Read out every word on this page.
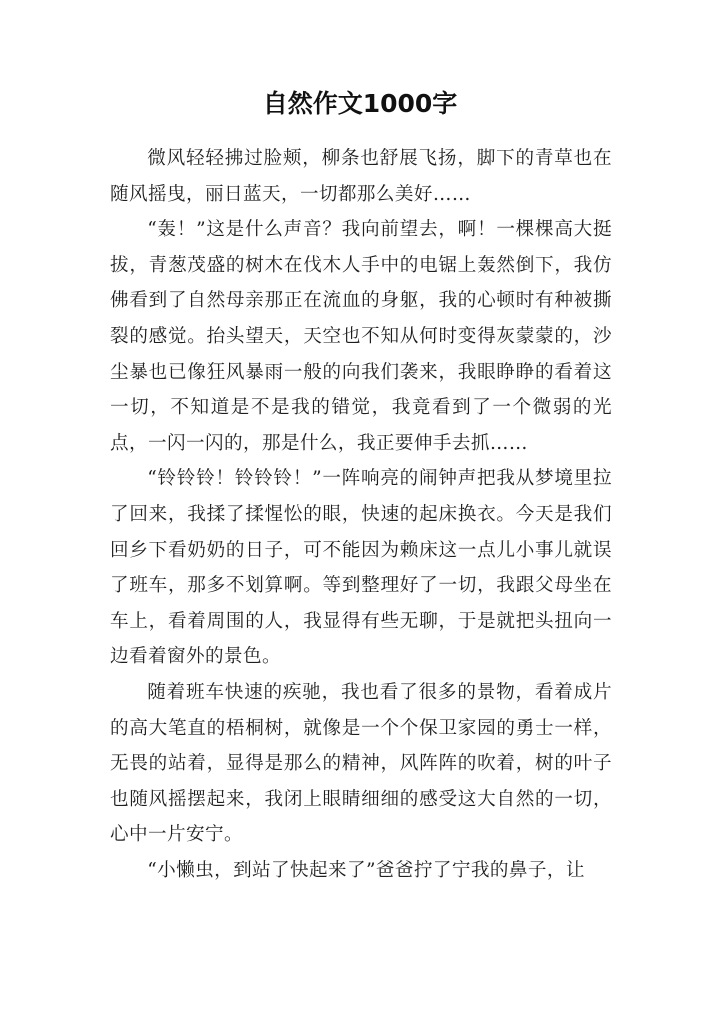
自然作文1000字

微风轻轻拂过脸颊，柳条也舒展飞扬，脚下的青草也在随风摇曳，丽日蓝天，一切都那么美好……

“轰！”这是什么声音？我向前望去，啊！一棵棵高大挺拔，青葱茂盛的树木在伐木人手中的电锯上轰然倒下，我仿佛看到了自然母亲那正在流血的身躯，我的心顿时有种被撕裂的感觉。抬头望天，天空也不知从何时变得灰蒙蒙的，沙尘暴也已像狂风暴雨一般的向我们袭来，我眼睁睁的看着这一切，不知道是不是我的错觉，我竟看到了一个微弱的光点，一闪一闪的，那是什么，我正要伸手去抓……

“铃铃铃！铃铃铃！”一阵响亮的闹钟声把我从梦境里拉了回来，我揉了揉惺忪的眼，快速的起床换衣。今天是我们回乡下看奶奶的日子，可不能因为赖床这一点儿小事儿就误了班车，那多不划算啊。等到整理好了一切，我跟父母坐在车上，看着周围的人，我显得有些无聊，于是就把头扭向一边看着窗外的景色。

随着班车快速的疾驰，我也看了很多的景物，看着成片的高大笔直的梧桐树，就像是一个个保卫家园的勇士一样，无畏的站着，显得是那么的精神，风阵阵的吹着，树的叶子也随风摇摆起来，我闭上眼睛细细的感受这大自然的一切，心中一片安宁。

“小懒虫，到站了快起来了”爸爸拧了宁我的鼻子，让
